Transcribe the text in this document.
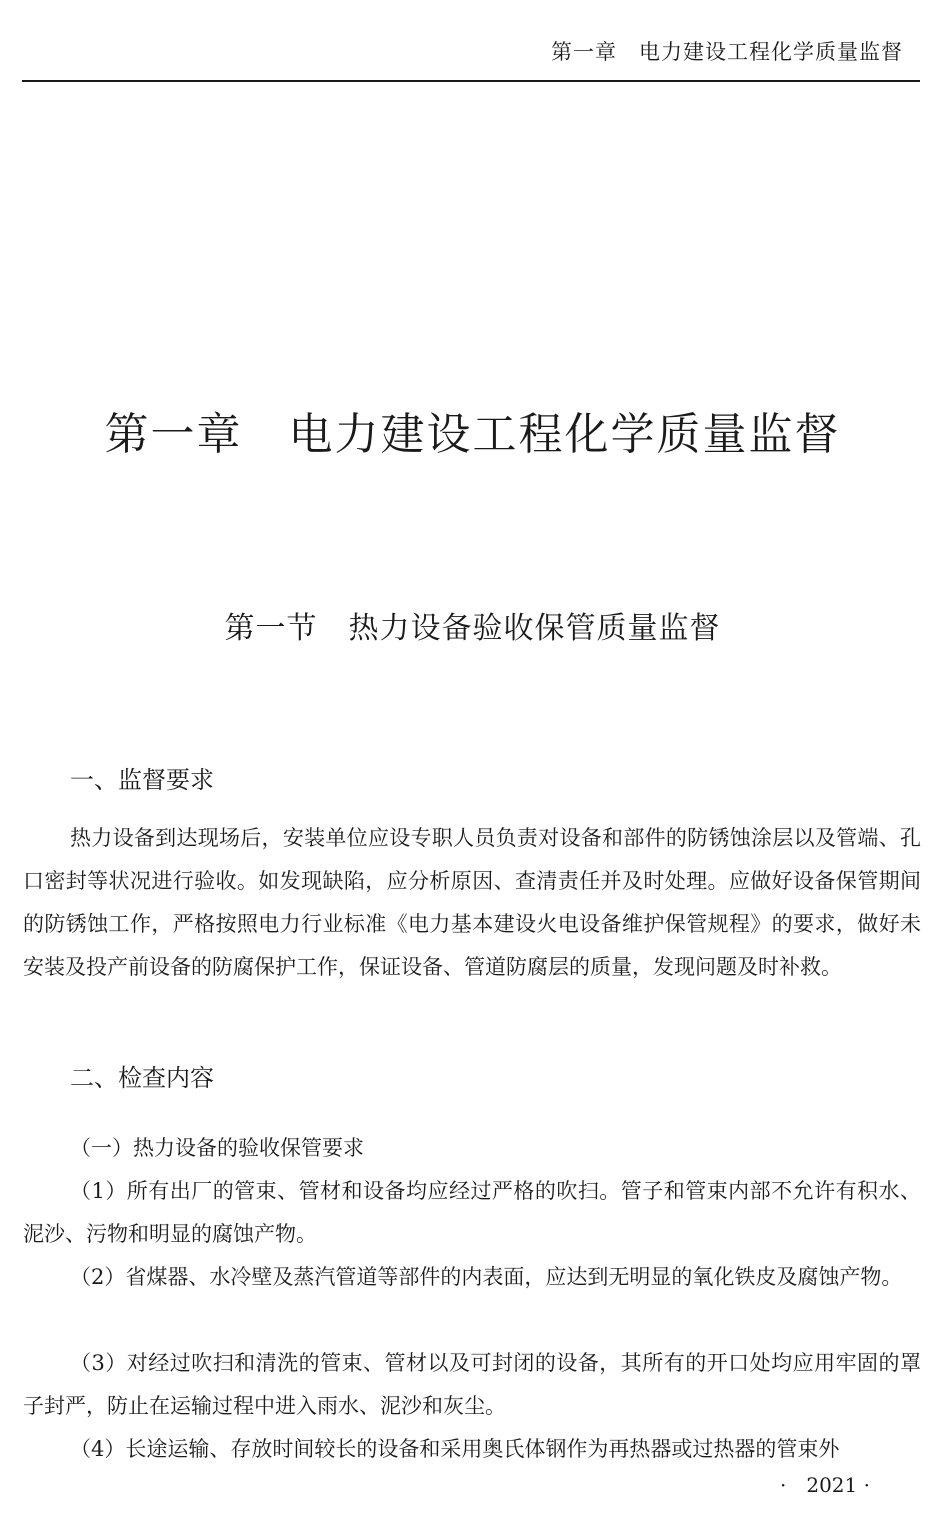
第一章　电力建设工程化学质量监督
第一章　电力建设工程化学质量监督
第一节　热力设备验收保管质量监督
一、监督要求

热力设备到达现场后，安装单位应设专职人员负责对设备和部件的防锈蚀涂层以及管端、孔口密封等状况进行验收。如发现缺陷，应分析原因、查清责任并及时处理。应做好设备保管期间的防锈蚀工作，严格按照电力行业标准《电力基本建设火电设备维护保管规程》的要求，做好未安装及投产前设备的防腐保护工作，保证设备、管道防腐层的质量，发现问题及时补救。

二、检查内容

（一）热力设备的验收保管要求

（1）所有出厂的管束、管材和设备均应经过严格的吹扫。管子和管束内部不允许有积水、泥沙、污物和明显的腐蚀产物。

（2）省煤器、水冷壁及蒸汽管道等部件的内表面，应达到无明显的氧化铁皮及腐蚀产物。

（3）对经过吹扫和清洗的管束、管材以及可封闭的设备，其所有的开口处均应用牢固的罩子封严，防止在运输过程中进入雨水、泥沙和灰尘。

（4）长途运输、存放时间较长的设备和采用奥氏体钢作为再热器或过热器的管束外

·　2021 ·
